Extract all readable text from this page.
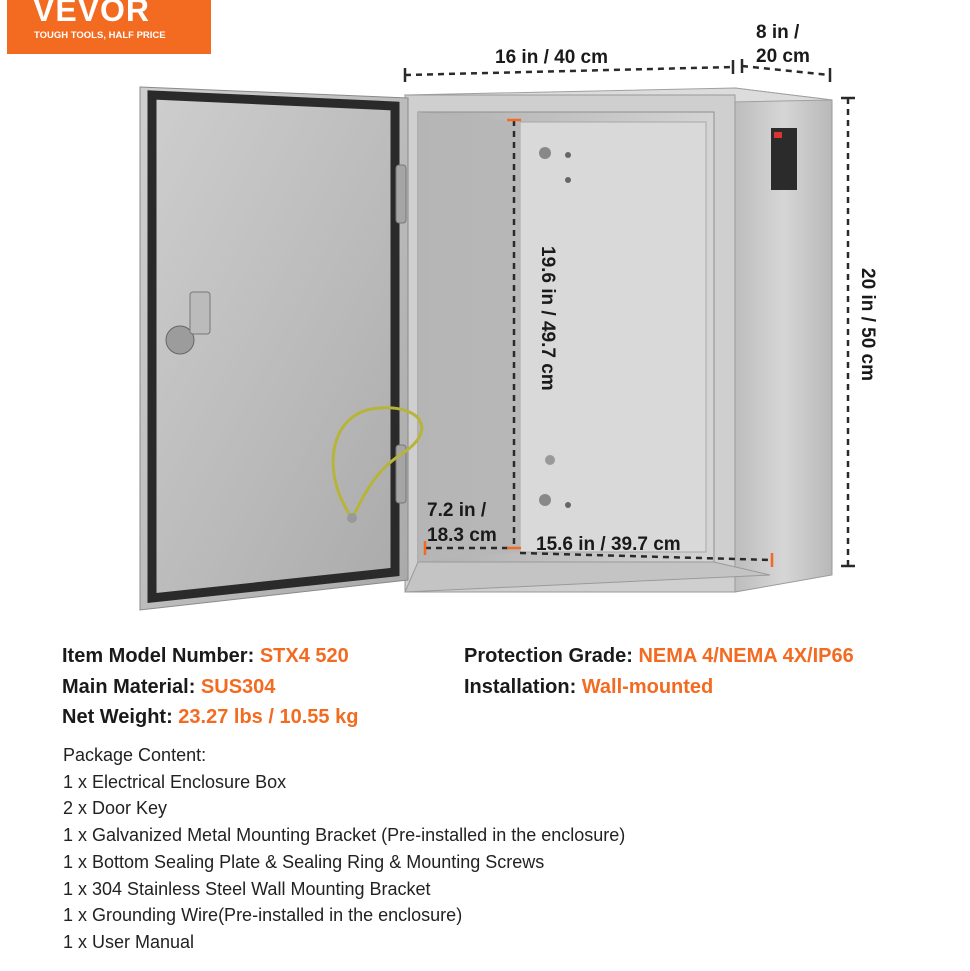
VEVOR
TOUGH TOOLS, HALF PRICE
16 in / 40 cm
8 in /
20 cm
20 in / 50 cm
19.6 in / 49.7 cm
7.2 in /
18.3 cm 15.6 in / 39.7 cm
Item Model Number: STX4 520
Main Material: SUS304
Net Weight: 23.27 lbs / 10.55 kg
Protection Grade: NEMA 4/NEMA 4X/IP66
Installation: Wall-mounted
Package Content:
1 x Electrical Enclosure Box
2 x Door Key
1 x Galvanized Metal Mounting Bracket (Pre-installed in the enclosure)
1 x Bottom Sealing Plate & Sealing Ring & Mounting Screws
1 x 304 Stainless Steel Wall Mounting Bracket
1 x Grounding Wire(Pre-installed in the enclosure)
1 x User Manual
